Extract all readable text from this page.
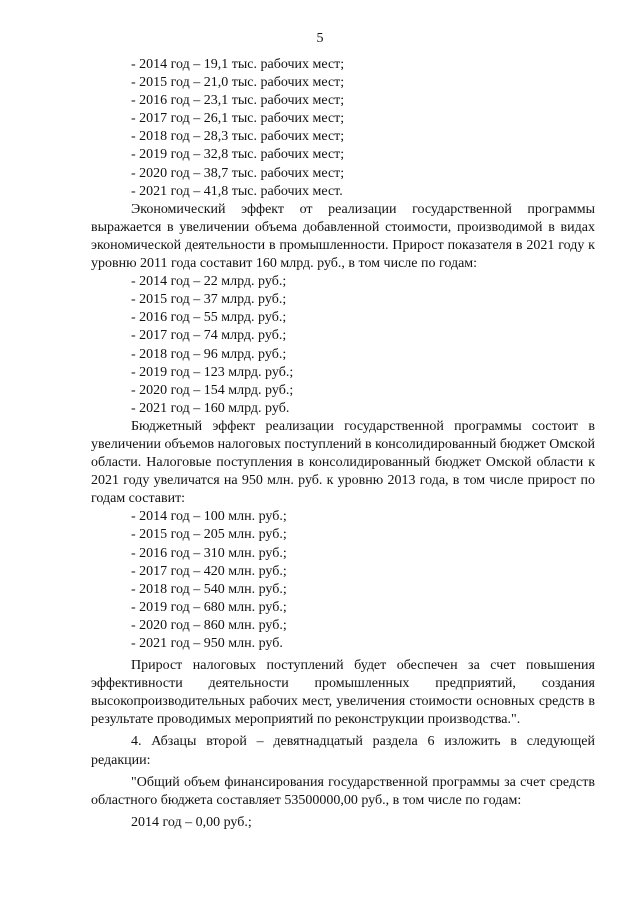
5
- 2014 год – 19,1 тыс. рабочих мест;
- 2015 год – 21,0 тыс. рабочих мест;
- 2016 год – 23,1 тыс. рабочих мест;
- 2017 год – 26,1 тыс. рабочих мест;
- 2018 год – 28,3 тыс. рабочих мест;
- 2019 год – 32,8 тыс. рабочих мест;
- 2020 год – 38,7 тыс. рабочих мест;
- 2021 год – 41,8 тыс. рабочих мест.
Экономический эффект от реализации государственной программы выражается в увеличении объема добавленной стоимости, производимой в видах экономической деятельности в промышленности. Прирост показателя в 2021 году к уровню 2011 года составит 160 млрд. руб., в том числе по годам:
- 2014 год – 22 млрд. руб.;
- 2015 год – 37 млрд. руб.;
- 2016 год – 55 млрд. руб.;
- 2017 год – 74 млрд. руб.;
- 2018 год – 96 млрд. руб.;
- 2019 год – 123 млрд. руб.;
- 2020 год – 154 млрд. руб.;
- 2021 год – 160 млрд. руб.
Бюджетный эффект реализации государственной программы состоит в увеличении объемов налоговых поступлений в консолидированный бюджет Омской области. Налоговые поступления в консолидированный бюджет Омской области к 2021 году увеличатся на 950 млн. руб. к уровню 2013 года, в том числе прирост по годам составит:
- 2014 год – 100 млн. руб.;
- 2015 год – 205 млн. руб.;
- 2016 год – 310 млн. руб.;
- 2017 год – 420 млн. руб.;
- 2018 год – 540 млн. руб.;
- 2019 год – 680 млн. руб.;
- 2020 год – 860 млн. руб.;
- 2021 год – 950 млн. руб.
Прирост налоговых поступлений будет обеспечен за счет повышения эффективности деятельности промышленных предприятий, создания высокопроизводительных рабочих мест, увеличения стоимости основных средств в результате проводимых мероприятий по реконструкции производства.".
4. Абзацы второй – девятнадцатый раздела 6 изложить в следующей редакции:
"Общий объем финансирования государственной программы за счет средств областного бюджета составляет 53500000,00 руб., в том числе по годам:
2014 год – 0,00 руб.;
